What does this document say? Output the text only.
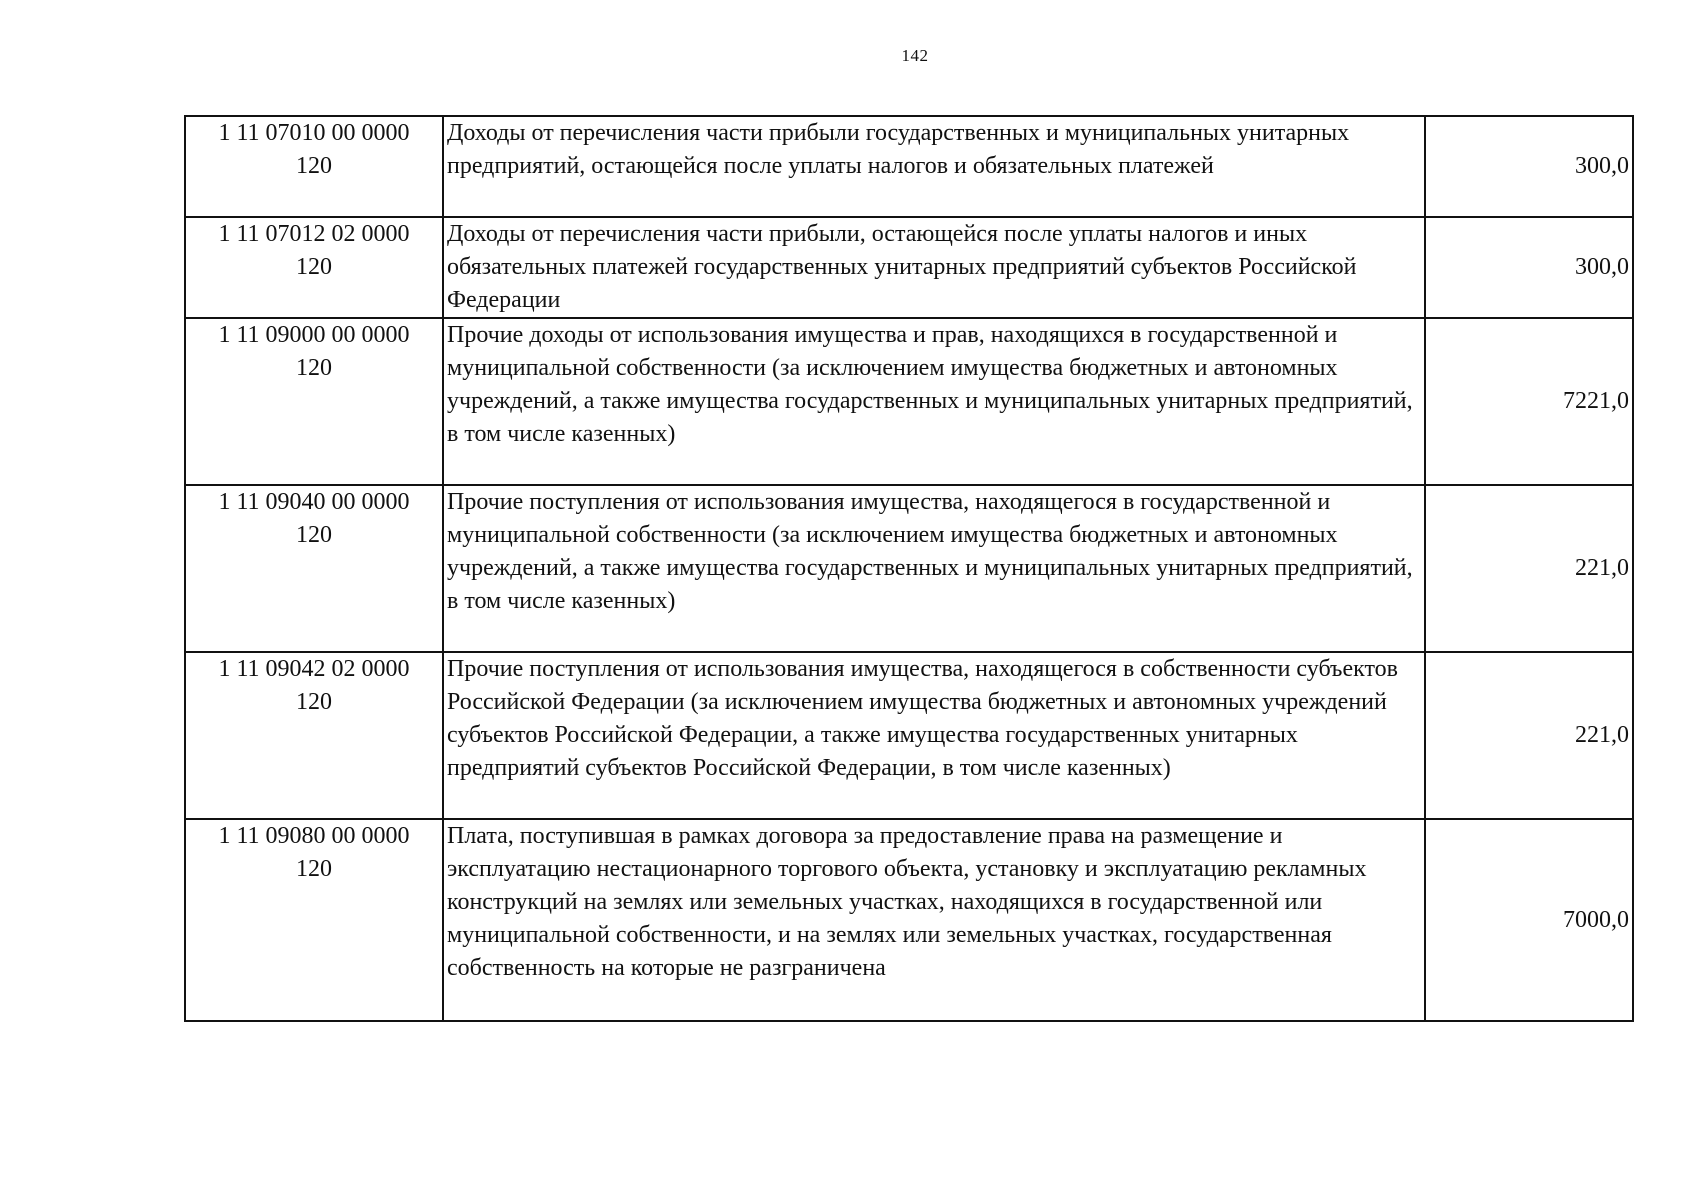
142
1 11 07010 00 0000
120	Доходы от перечисления части прибыли государственных и муниципальных унитарных предприятий, остающейся после уплаты налогов и обязательных платежей	300,0

1 11 07012 02 0000
120	Доходы от перечисления части прибыли, остающейся после уплаты налогов и иных обязательных платежей государственных унитарных предприятий субъектов Российской Федерации	300,0

1 11 09000 00 0000
120	Прочие доходы от использования имущества и прав, находящихся в государственной и муниципальной собственности (за исключением имущества бюджетных и автономных учреждений, а также имущества государственных и муниципальных унитарных предприятий, в том числе казенных)	7221,0

1 11 09040 00 0000
120	Прочие поступления от использования имущества, находящегося в государственной и муниципальной собственности (за исключением имущества бюджетных и автономных учреждений, а также имущества государственных и муниципальных унитарных предприятий, в том числе казенных)	221,0

1 11 09042 02 0000
120	Прочие поступления от использования имущества, находящегося в собственности субъектов Российской Федерации (за исключением имущества бюджетных и автономных учреждений субъектов Российской Федерации, а также имущества государственных унитарных предприятий субъектов Российской Федерации, в том числе казенных)	221,0

1 11 09080 00 0000
120	Плата, поступившая в рамках договора за предоставление права на размещение и эксплуатацию нестационарного торгового объекта, установку и эксплуатацию рекламных конструкций на землях или земельных участках, находящихся в государственной или муниципальной собственности, и на землях или земельных участках, государственная собственность на которые не разграничена	7000,0
